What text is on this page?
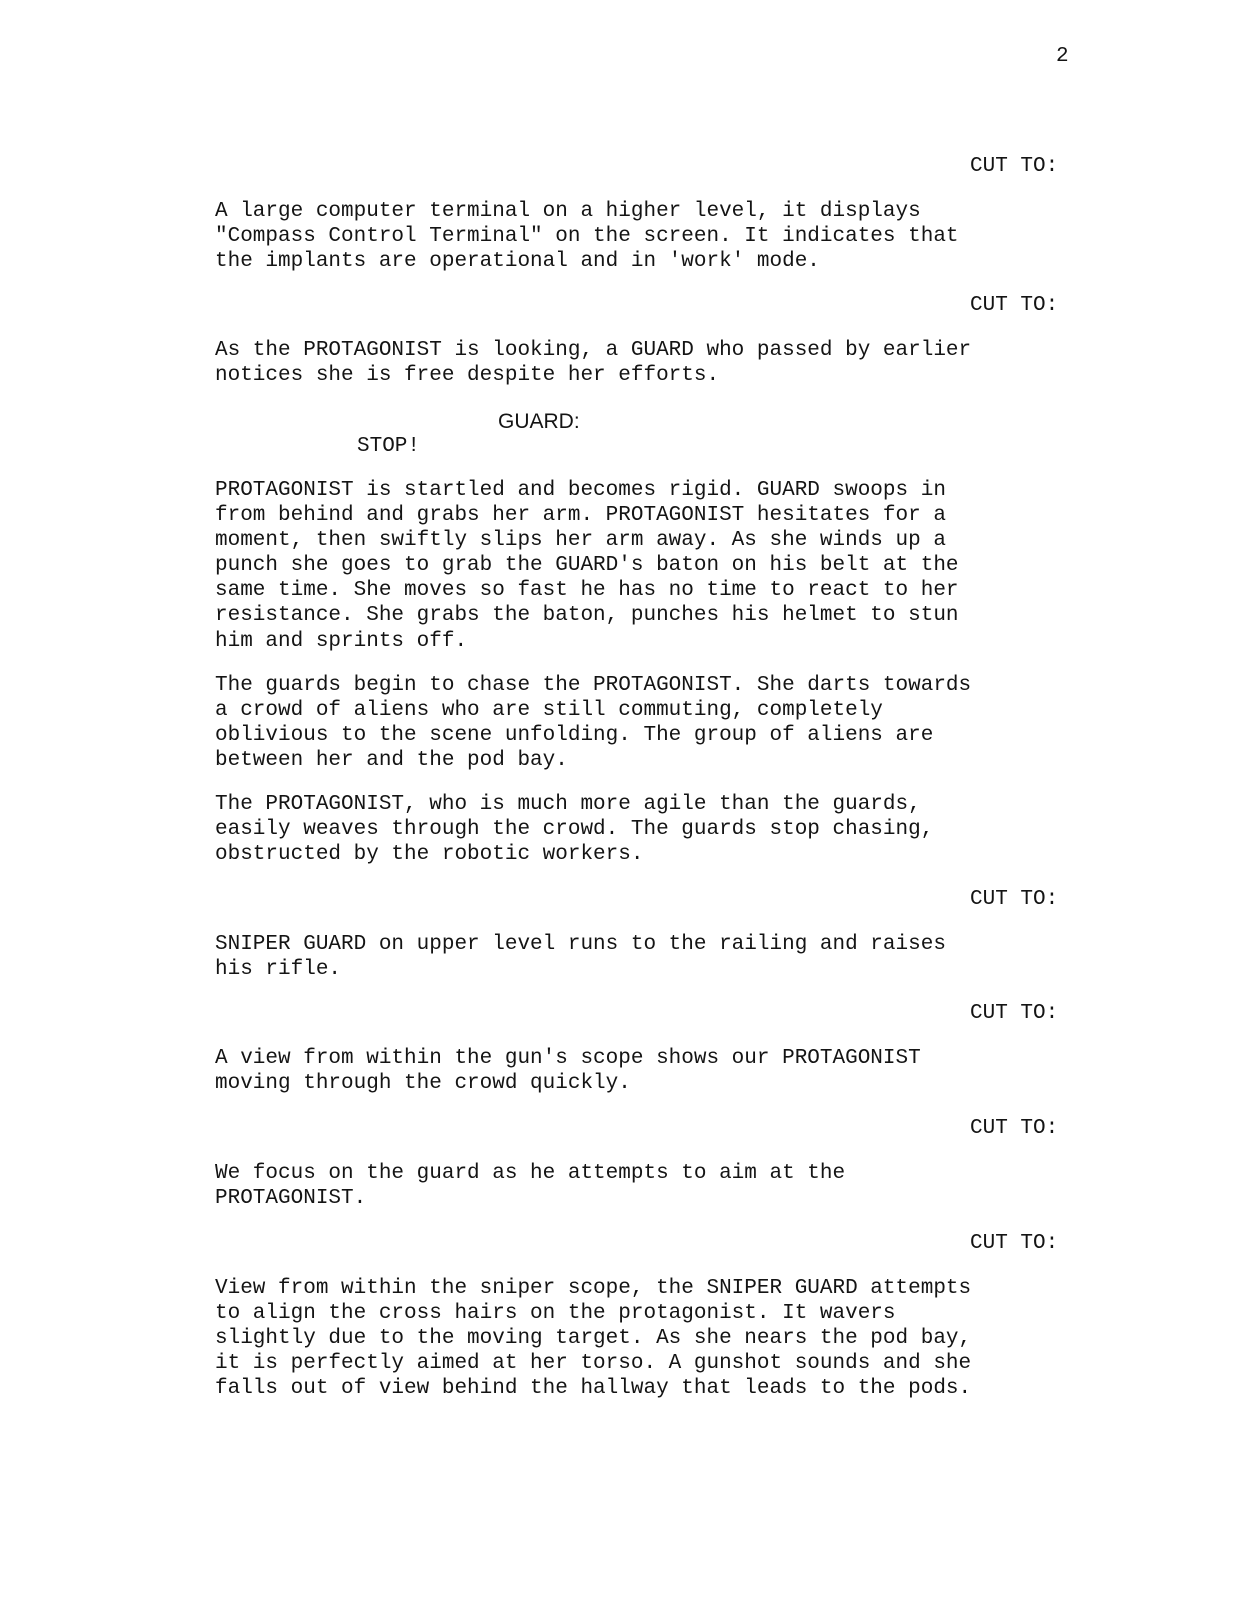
2
CUT TO:

A large computer terminal on a higher level, it displays
"Compass Control Terminal" on the screen. It indicates that
the implants are operational and in 'work' mode.

CUT TO:

As the PROTAGONIST is looking, a GUARD who passed by earlier
notices she is free despite her efforts.

GUARD:
STOP!

PROTAGONIST is startled and becomes rigid. GUARD swoops in
from behind and grabs her arm. PROTAGONIST hesitates for a
moment, then swiftly slips her arm away. As she winds up a
punch she goes to grab the GUARD's baton on his belt at the
same time. She moves so fast he has no time to react to her
resistance. She grabs the baton, punches his helmet to stun
him and sprints off.

The guards begin to chase the PROTAGONIST. She darts towards
a crowd of aliens who are still commuting, completely
oblivious to the scene unfolding. The group of aliens are
between her and the pod bay.

The PROTAGONIST, who is much more agile than the guards,
easily weaves through the crowd. The guards stop chasing,
obstructed by the robotic workers.

CUT TO:

SNIPER GUARD on upper level runs to the railing and raises
his rifle.

CUT TO:

A view from within the gun's scope shows our PROTAGONIST
moving through the crowd quickly.

CUT TO:

We focus on the guard as he attempts to aim at the
PROTAGONIST.

CUT TO:

View from within the sniper scope, the SNIPER GUARD attempts
to align the cross hairs on the protagonist. It wavers
slightly due to the moving target. As she nears the pod bay,
it is perfectly aimed at her torso. A gunshot sounds and she
falls out of view behind the hallway that leads to the pods.
